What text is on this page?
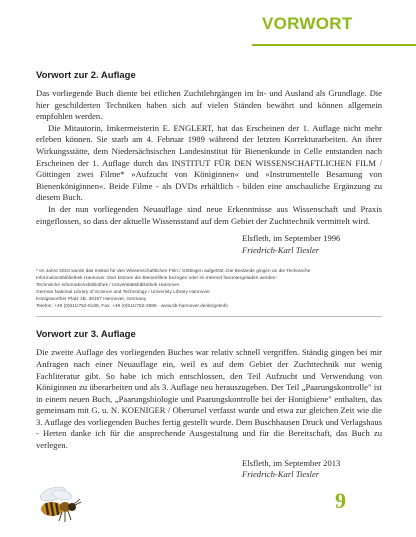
VORWORT
Vorwort zur 2. Auflage

Das vorliegende Buch diente bei etlichen Zuchtlehrgängen im In- und Ausland als Grundlage. Die hier geschilderten Techniken haben sich auf vielen Ständen bewährt und können allgemein empfohlen werden.

Die Mitautorin, Imkermeisterin E. ENGLERT, hat das Erscheinen der 1. Auflage nicht mehr erleben können. Sie starb am 4. Februar 1989 während der letzten Korrekturarbeiten. An ihrer Wirkungsstätte, dem Niedersächsischen Landesinstitut für Bienenkunde in Celle entstanden nach Erscheinen der 1. Auflage durch das INSTITUT FÜR DEN WISSENSCHAFTLICHEN FILM / Göttingen zwei Filme* »Aufzucht von Königinnen« und »Instrumentelle Besamung von Bienenköniginnen«. Beide Filme - als DVDs erhältlich - bilden eine anschauliche Ergänzung zu diesem Buch.

In der nun vorliegenden Neuauflage sind neue Erkenntnisse aus Wissenschaft und Praxis eingeflossen, so dass der aktuelle Wissensstand auf dem Gebiet der Zuchttechnik vermittelt wird.

Elsfleth, im September 1996
Friedrich-Karl Tiesler
* Im Jahre 2010 wurde das Institut für den Wissenschaftlichen Film / Göttingen aufgelöst. Die Bestände gingen an die Technische
Informationsbibliothek Hannover. Dort können die Bienenfilme bezogen oder im Internet heruntergeladen werden:
Technische Informationsbibliothek / Universitätsbibliothek Hannover
German National Library of Science and Technology / University Library Hannover
Königsworther Platz 1B, 30167 Hannover, Germany
Telefon: +49 (0)511/762-8138, Fax: +49 (0)511/762-2686 · www.tib-hannover.de/de/getinfo
Vorwort zur 3. Auflage

Die zweite Auflage des vorliegenden Buches war relativ schnell vergriffen. Ständig gingen bei mir Anfragen nach einer Neuauflage ein, weil es auf dem Gebiet der Zuchttechnik nur wenig Fachliteratur gibt. So habe ich mich entschlossen, den Teil Aufzucht und Verwendung von Königinnen zu überarbeiten und als 3. Auflage neu herauszugeben. Der Teil „Paarungskontrolle" ist in einem neuen Buch, „Paarungsbiologie und Paarungskontrolle bei der Honigbiene" enthalten, das gemeinsam mit G. u. N. KOENIGER / Oberursel verfasst wurde und etwa zur gleichen Zeit wie die 3. Auflage des vorliegenden Buches fertig gestellt wurde. Dem Buschhausen Druck und Verlagshaus - Herten danke ich für die ansprechende Ausgestaltung und für die Bereitschaft, das Buch zu verlegen.

Elsfleth, im September 2013
Friedrich-Karl Tiesler
9
